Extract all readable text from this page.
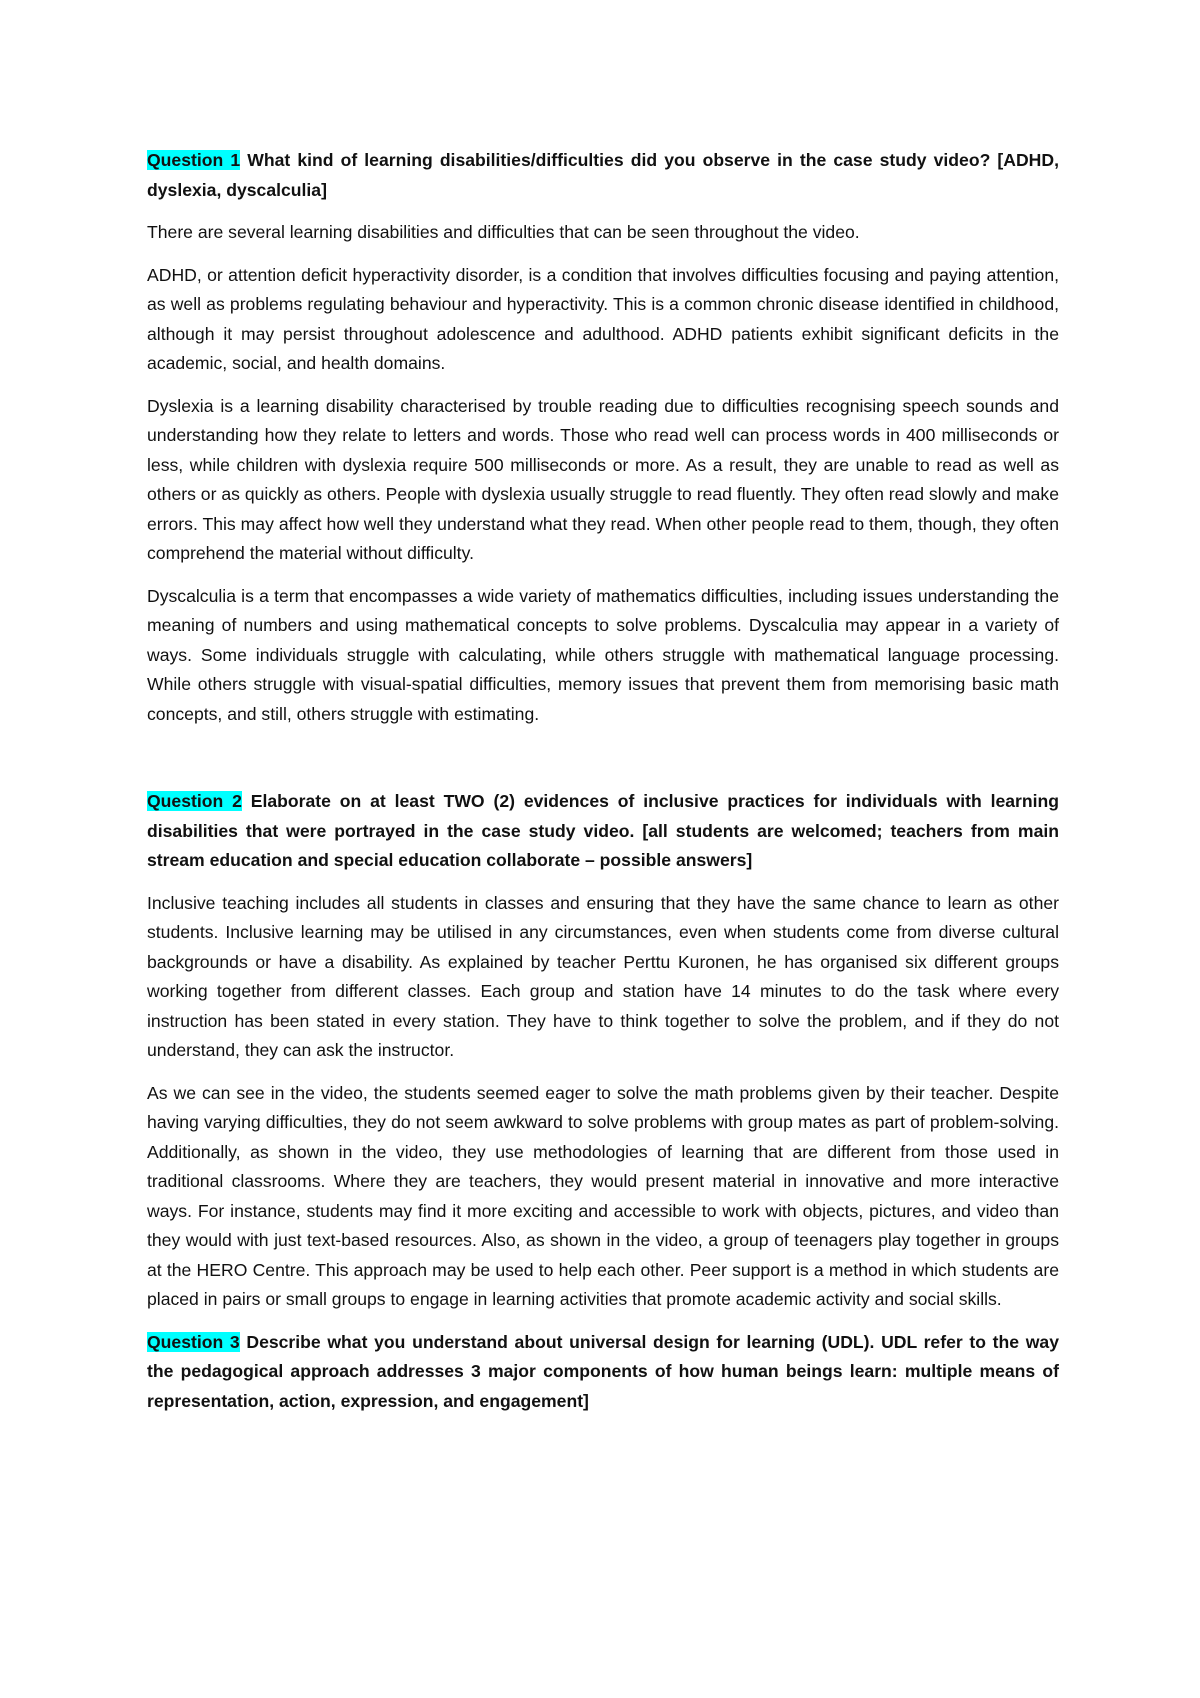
Question 1 What kind of learning disabilities/difficulties did you observe in the case study video? [ADHD, dyslexia, dyscalculia]

There are several learning disabilities and difficulties that can be seen throughout the video.

ADHD, or attention deficit hyperactivity disorder, is a condition that involves difficulties focusing and paying attention, as well as problems regulating behaviour and hyperactivity. This is a common chronic disease identified in childhood, although it may persist throughout adolescence and adulthood. ADHD patients exhibit significant deficits in the academic, social, and health domains.

Dyslexia is a learning disability characterised by trouble reading due to difficulties recognising speech sounds and understanding how they relate to letters and words. Those who read well can process words in 400 milliseconds or less, while children with dyslexia require 500 milliseconds or more. As a result, they are unable to read as well as others or as quickly as others. People with dyslexia usually struggle to read fluently. They often read slowly and make errors. This may affect how well they understand what they read. When other people read to them, though, they often comprehend the material without difficulty.

Dyscalculia is a term that encompasses a wide variety of mathematics difficulties, including issues understanding the meaning of numbers and using mathematical concepts to solve problems. Dyscalculia may appear in a variety of ways. Some individuals struggle with calculating, while others struggle with mathematical language processing. While others struggle with visual-spatial difficulties, memory issues that prevent them from memorising basic math concepts, and still, others struggle with estimating.

Question 2 Elaborate on at least TWO (2) evidences of inclusive practices for individuals with learning disabilities that were portrayed in the case study video. [all students are welcomed; teachers from main stream education and special education collaborate – possible answers]

Inclusive teaching includes all students in classes and ensuring that they have the same chance to learn as other students. Inclusive learning may be utilised in any circumstances, even when students come from diverse cultural backgrounds or have a disability. As explained by teacher Perttu Kuronen, he has organised six different groups working together from different classes. Each group and station have 14 minutes to do the task where every instruction has been stated in every station. They have to think together to solve the problem, and if they do not understand, they can ask the instructor.

As we can see in the video, the students seemed eager to solve the math problems given by their teacher. Despite having varying difficulties, they do not seem awkward to solve problems with group mates as part of problem-solving. Additionally, as shown in the video, they use methodologies of learning that are different from those used in traditional classrooms. Where they are teachers, they would present material in innovative and more interactive ways. For instance, students may find it more exciting and accessible to work with objects, pictures, and video than they would with just text-based resources. Also, as shown in the video, a group of teenagers play together in groups at the HERO Centre. This approach may be used to help each other. Peer support is a method in which students are placed in pairs or small groups to engage in learning activities that promote academic activity and social skills.

Question 3 Describe what you understand about universal design for learning (UDL). UDL refer to the way the pedagogical approach addresses 3 major components of how human beings learn: multiple means of representation, action, expression, and engagement]
